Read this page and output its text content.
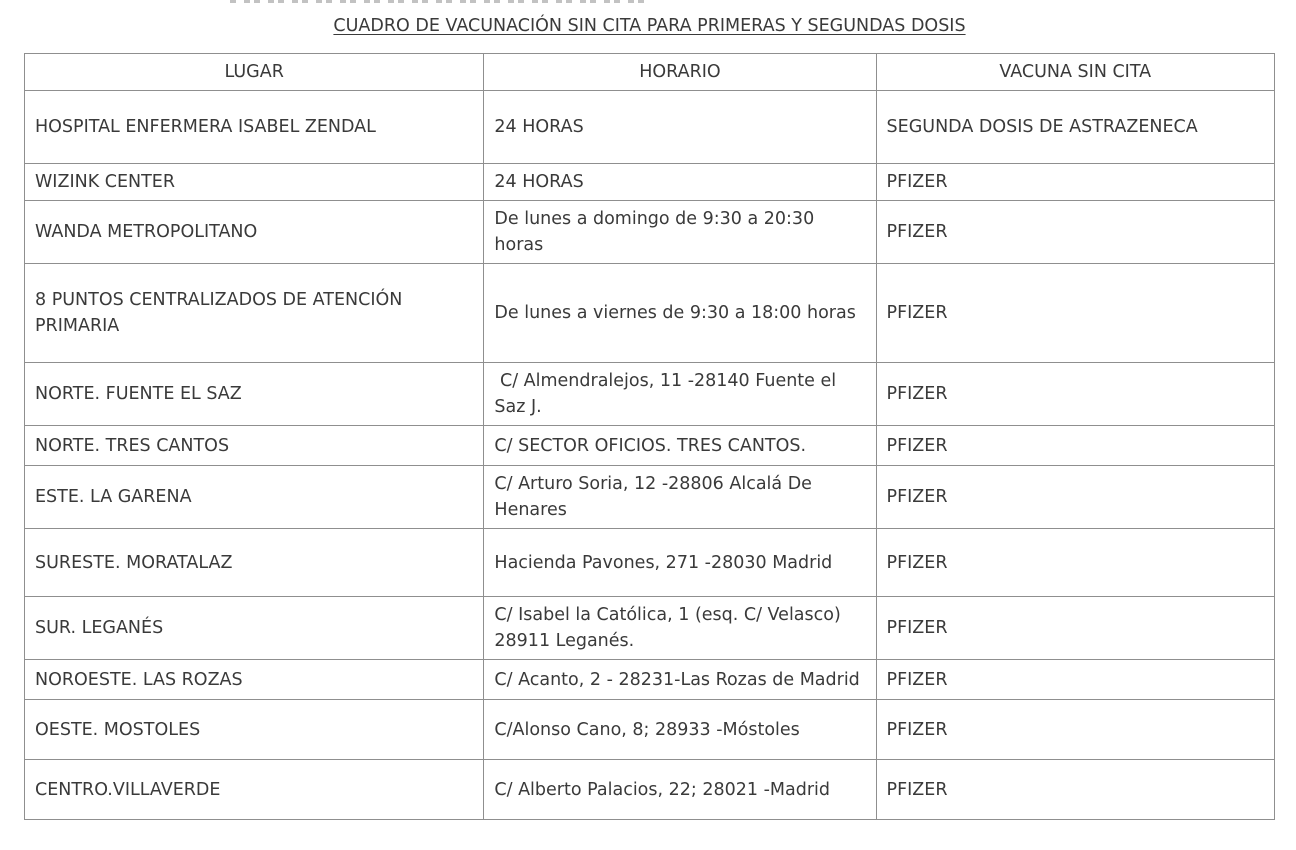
CUADRO DE VACUNACIÓN SIN CITA PARA PRIMERAS Y SEGUNDAS DOSIS
LUGAR	HORARIO	VACUNA SIN CITA
HOSPITAL ENFERMERA ISABEL ZENDAL	24 HORAS	SEGUNDA DOSIS DE ASTRAZENECA
WIZINK CENTER	24 HORAS	PFIZER
WANDA METROPOLITANO	De lunes a domingo de 9:30 a 20:30 horas	PFIZER
8 PUNTOS CENTRALIZADOS DE ATENCIÓN PRIMARIA	De lunes a viernes de 9:30 a 18:00 horas	PFIZER
NORTE. FUENTE EL SAZ	C/ Almendralejos, 11 -28140 Fuente el Saz J.	PFIZER
NORTE. TRES CANTOS	C/ SECTOR OFICIOS. TRES CANTOS.	PFIZER
ESTE. LA GARENA	C/ Arturo Soria, 12 -28806 Alcalá De Henares	PFIZER
SURESTE. MORATALAZ	Hacienda Pavones, 271 -28030 Madrid	PFIZER
SUR. LEGANÉS	C/ Isabel la Católica, 1 (esq. C/ Velasco) 28911 Leganés.	PFIZER
NOROESTE. LAS ROZAS	C/ Acanto, 2 - 28231-Las Rozas de Madrid	PFIZER
OESTE. MOSTOLES	C/Alonso Cano, 8; 28933 -Móstoles	PFIZER
CENTRO.VILLAVERDE	C/ Alberto Palacios, 22; 28021 -Madrid	PFIZER
